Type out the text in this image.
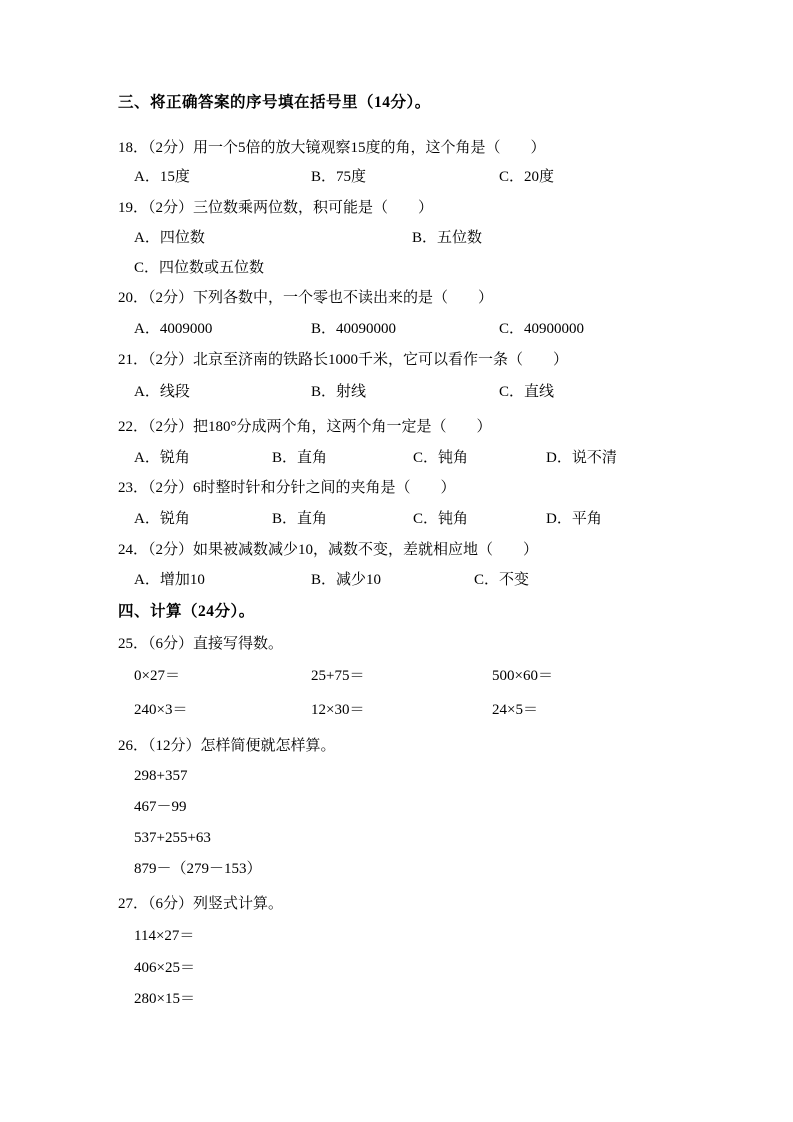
三、将正确答案的序号填在括号里（14分）。
18．（2分）用一个5倍的放大镜观察15度的角，这个角是（　　）
A．15度	B．75度	C．20度
19．（2分）三位数乘两位数，积可能是（　　）
A．四位数	B．五位数
C．四位数或五位数
20．（2分）下列各数中，一个零也不读出来的是（　　）
A．4009000	B．40090000	C．40900000
21．（2分）北京至济南的铁路长1000千米，它可以看作一条（　　）
A．线段	B．射线	C．直线
22．（2分）把180°分成两个角，这两个角一定是（　　）
A．锐角	B．直角	C．钝角	D．说不清
23．（2分）6时整时针和分针之间的夹角是（　　）
A．锐角	B．直角	C．钝角	D．平角
24．（2分）如果被减数减少10，减数不变，差就相应地（　　）
A．增加10	B．减少10	C．不变
四、计算（24分）。
25．（6分）直接写得数。
0×27＝	25+75＝	500×60＝
240×3＝	12×30＝	24×5＝
26．（12分）怎样简便就怎样算。
298+357
467－99
537+255+63
879－（279－153）
27．（6分）列竖式计算。
114×27＝
406×25＝
280×15＝
